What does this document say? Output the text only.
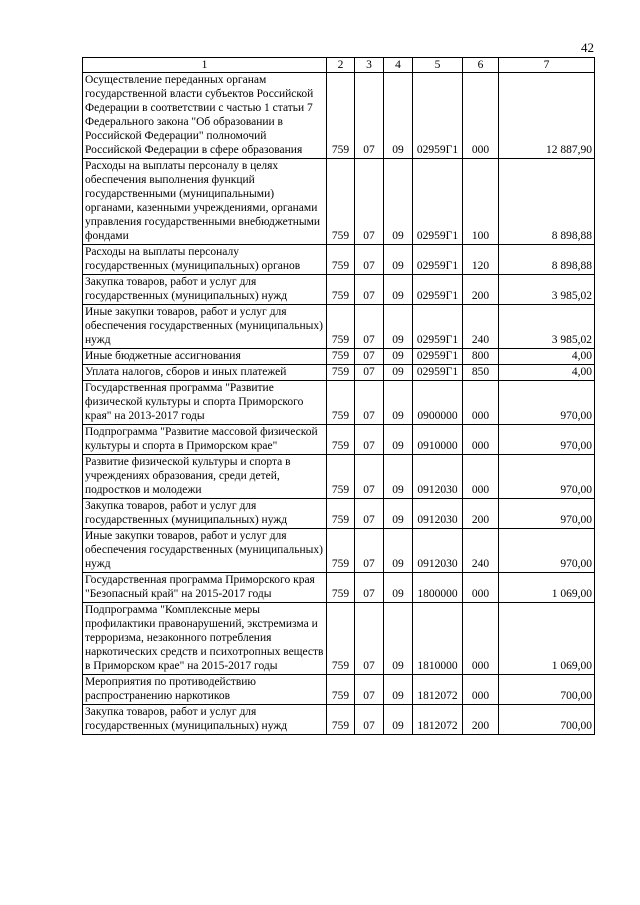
42
1	2	3	4	5	6	7
Осуществление переданных органам государственной власти субъектов Российской Федерации в соответствии с частью 1 статьи 7 Федерального закона "Об образовании в Российской Федерации" полномочий Российской Федерации в сфере образования	759	07	09	02959Г1	000	12 887,90
Расходы на выплаты персоналу в целях обеспечения выполнения функций государственными (муниципальными) органами, казенными учреждениями, органами управления государственными внебюджетными фондами	759	07	09	02959Г1	100	8 898,88
Расходы на выплаты персоналу государственных (муниципальных) органов	759	07	09	02959Г1	120	8 898,88
Закупка товаров, работ и услуг для государственных (муниципальных) нужд	759	07	09	02959Г1	200	3 985,02
Иные закупки товаров, работ и услуг для обеспечения государственных (муниципальных) нужд	759	07	09	02959Г1	240	3 985,02
Иные бюджетные ассигнования	759	07	09	02959Г1	800	4,00
Уплата налогов, сборов и иных платежей	759	07	09	02959Г1	850	4,00
Государственная программа "Развитие физической культуры и спорта Приморского края" на 2013-2017 годы	759	07	09	0900000	000	970,00
Подпрограмма "Развитие массовой физической культуры и спорта в Приморском крае"	759	07	09	0910000	000	970,00
Развитие физической культуры и спорта в учреждениях образования, среди детей, подростков и молодежи	759	07	09	0912030	000	970,00
Закупка товаров, работ и услуг для государственных (муниципальных) нужд	759	07	09	0912030	200	970,00
Иные закупки товаров, работ и услуг для обеспечения государственных (муниципальных) нужд	759	07	09	0912030	240	970,00
Государственная программа Приморского края "Безопасный край" на 2015-2017 годы	759	07	09	1800000	000	1 069,00
Подпрограмма "Комплексные меры профилактики правонарушений, экстремизма и терроризма, незаконного потребления наркотических средств и психотропных веществ в Приморском крае" на 2015-2017 годы	759	07	09	1810000	000	1 069,00
Мероприятия по противодействию распространению наркотиков	759	07	09	1812072	000	700,00
Закупка товаров, работ и услуг для государственных (муниципальных) нужд	759	07	09	1812072	200	700,00
